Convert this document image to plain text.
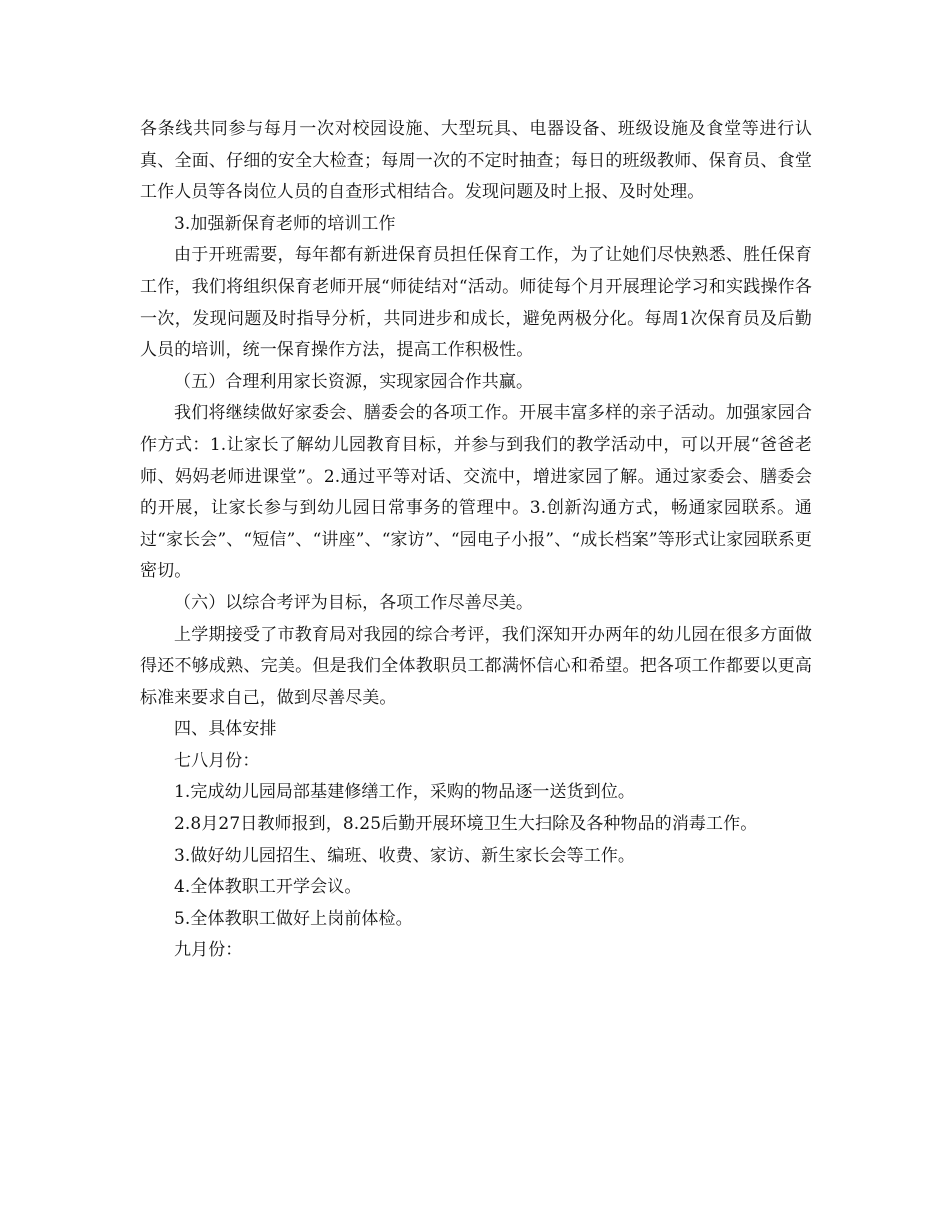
各条线共同参与每月一次对校园设施、大型玩具、电器设备、班级设施及食堂等进行认真、全面、仔细的安全大检查；每周一次的不定时抽查；每日的班级教师、保育员、食堂工作人员等各岗位人员的自查形式相结合。发现问题及时上报、及时处理。

3.加强新保育老师的培训工作

由于开班需要，每年都有新进保育员担任保育工作，为了让她们尽快熟悉、胜任保育工作，我们将组织保育老师开展“师徒结对“活动。师徒每个月开展理论学习和实践操作各一次，发现问题及时指导分析，共同进步和成长，避免两极分化。每周1次保育员及后勤人员的培训，统一保育操作方法，提高工作积极性。

（五）合理利用家长资源，实现家园合作共赢。

我们将继续做好家委会、膳委会的各项工作。开展丰富多样的亲子活动。加强家园合作方式：1.让家长了解幼儿园教育目标，并参与到我们的教学活动中，可以开展“爸爸老师、妈妈老师进课堂”。2.通过平等对话、交流中，增进家园了解。通过家委会、膳委会的开展，让家长参与到幼儿园日常事务的管理中。3.创新沟通方式，畅通家园联系。通过“家长会”、“短信”、“讲座”、“家访”、“园电子小报”、“成长档案”等形式让家园联系更密切。

（六）以综合考评为目标，各项工作尽善尽美。

上学期接受了市教育局对我园的综合考评，我们深知开办两年的幼儿园在很多方面做得还不够成熟、完美。但是我们全体教职员工都满怀信心和希望。把各项工作都要以更高标准来要求自己，做到尽善尽美。

四、具体安排

七八月份：

1.完成幼儿园局部基建修缮工作，采购的物品逐一送货到位。

2.8月27日教师报到，8.25后勤开展环境卫生大扫除及各种物品的消毒工作。

3.做好幼儿园招生、编班、收费、家访、新生家长会等工作。

4.全体教职工开学会议。

5.全体教职工做好上岗前体检。

九月份：
